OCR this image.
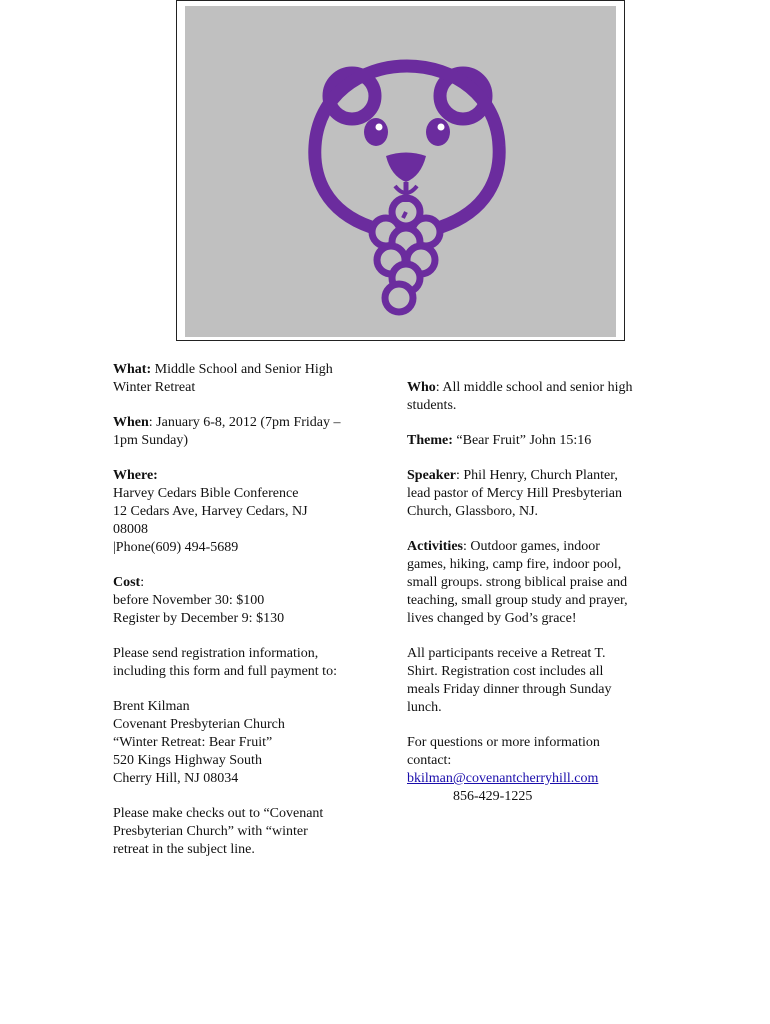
What: Middle School and Senior High
Winter Retreat
When: January 6-8, 2012 (7pm Friday –
1pm Sunday)
Where:
Harvey Cedars Bible Conference
12 Cedars Ave, Harvey Cedars, NJ
08008
|Phone(609) 494-5689
Cost:
before November 30: $100
Register by December 9: $130
Please send registration information,
including this form and full payment to:
Brent Kilman
Covenant Presbyterian Church
“Winter Retreat: Bear Fruit”
520 Kings Highway South
Cherry Hill, NJ 08034
Please make checks out to “Covenant
Presbyterian Church” with “winter
retreat in the subject line.
Who: All middle school and senior high
students.
Theme: “Bear Fruit” John 15:16
Speaker: Phil Henry, Church Planter,
lead pastor of Mercy Hill Presbyterian
Church, Glassboro, NJ.
Activities: Outdoor games, indoor
games, hiking, camp fire, indoor pool,
small groups. strong biblical praise and
teaching, small group study and prayer,
lives changed by God’s grace!
All participants receive a Retreat T.
Shirt. Registration cost includes all
meals Friday dinner through Sunday
lunch.
For questions or more information
contact:
bkilman@covenantcherryhill.com
856-429-1225
